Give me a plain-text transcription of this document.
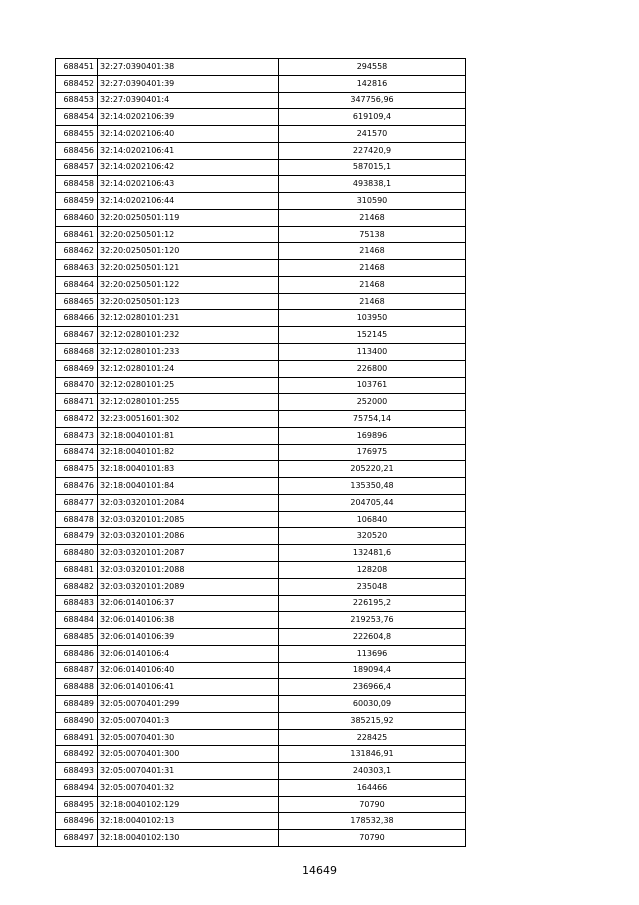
688451	32:27:0390401:38	294558
688452	32:27:0390401:39	142816
688453	32:27:0390401:4	347756,96
688454	32:14:0202106:39	619109,4
688455	32:14:0202106:40	241570
688456	32:14:0202106:41	227420,9
688457	32:14:0202106:42	587015,1
688458	32:14:0202106:43	493838,1
688459	32:14:0202106:44	310590
688460	32:20:0250501:119	21468
688461	32:20:0250501:12	75138
688462	32:20:0250501:120	21468
688463	32:20:0250501:121	21468
688464	32:20:0250501:122	21468
688465	32:20:0250501:123	21468
688466	32:12:0280101:231	103950
688467	32:12:0280101:232	152145
688468	32:12:0280101:233	113400
688469	32:12:0280101:24	226800
688470	32:12:0280101:25	103761
688471	32:12:0280101:255	252000
688472	32:23:0051601:302	75754,14
688473	32:18:0040101:81	169896
688474	32:18:0040101:82	176975
688475	32:18:0040101:83	205220,21
688476	32:18:0040101:84	135350,48
688477	32:03:0320101:2084	204705,44
688478	32:03:0320101:2085	106840
688479	32:03:0320101:2086	320520
688480	32:03:0320101:2087	132481,6
688481	32:03:0320101:2088	128208
688482	32:03:0320101:2089	235048
688483	32:06:0140106:37	226195,2
688484	32:06:0140106:38	219253,76
688485	32:06:0140106:39	222604,8
688486	32:06:0140106:4	113696
688487	32:06:0140106:40	189094,4
688488	32:06:0140106:41	236966,4
688489	32:05:0070401:299	60030,09
688490	32:05:0070401:3	385215,92
688491	32:05:0070401:30	228425
688492	32:05:0070401:300	131846,91
688493	32:05:0070401:31	240303,1
688494	32:05:0070401:32	164466
688495	32:18:0040102:129	70790
688496	32:18:0040102:13	178532,38
688497	32:18:0040102:130	70790
14649
